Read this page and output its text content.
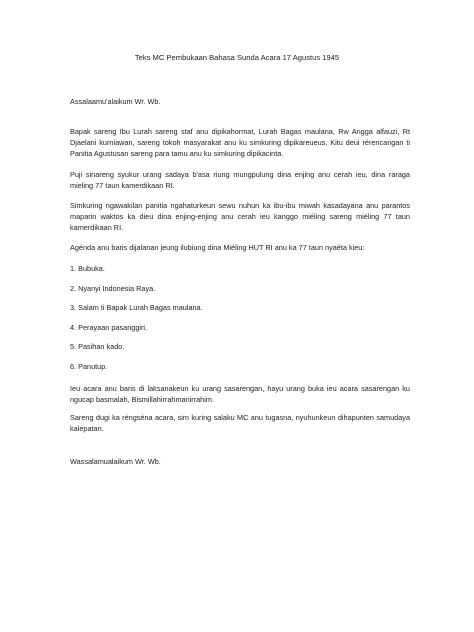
Teks MC Pembukaan Bahasa Sunda Acara 17 Agustus 1945

Assalaamu'alaikum Wr. Wb.

Bapak sareng Ibu Lurah sareng staf anu dipikahormat, Lurah Bagas maulana, Rw Angga alfauzi, Rt Djaelani kurniawan, sareng tokoh masyarakat anu ku simkuring dipikareueus, Kitu deui rérencangan ti Panitia Agustusan sareng para tamu anu ku simkuring dipikacinta.

Puji sinareng syukur urang sadaya b'asa riung mungpulung dina enjing anu cerah ieu, dina raraga mieling 77 taun kamerdikaan RI.

Simkuring ngawakilan panitia ngahaturkeun sewu nuhun ka ibu-ibu miwah kasadayana anu parantos maparin waktos ka dieu dina enjing-enjing anu cerah ieu kanggo miéling sareng miéling 77 taun kamerdikaan RI.

Agénda anu baris dijalanan jeung ilubiung dina Miéling HUT RI anu ka 77 taun nyaéta kieu:

1. Bubuka.

2. Nyanyi Indonesia Raya.

3. Salam ti Bapak Lurah Bagas maulana.

4. Perayaan pasanggiri.

5. Pasihan kado.

6. Panutup.

Ieu acara anu baris di laksanakeun ku urang sasarengan, hayu urang buka ieu acara sasarengan ku ngucap basmalah, Bismillahirrahmanirrahim.

Sareng dugi ka réngséna acara, sim kuring salaku MC anu tugasna, nyuhunkeun dihapunten samudaya kalepatan.

Wassalamualaikum Wr. Wb.
